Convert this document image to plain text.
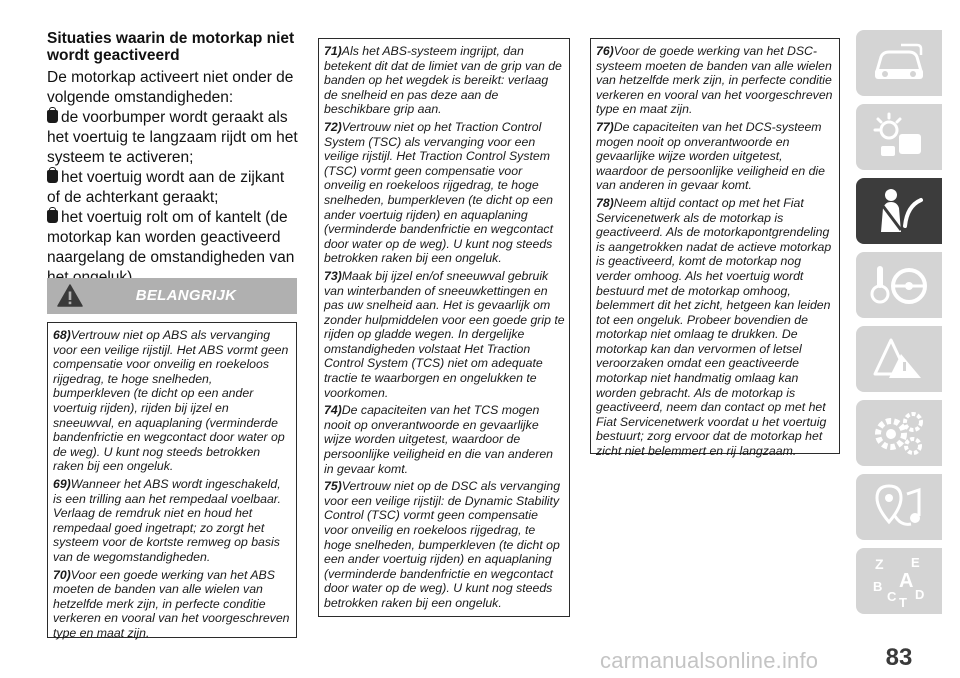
Situaties waarin de motorkap niet wordt geactiveerd

De motorkap activeert niet onder de volgende omstandigheden:

de voorbumper wordt geraakt als het voertuig te langzaam rijdt om het systeem te activeren;
het voertuig wordt aan de zijkant of de achterkant geraakt;
het voertuig rolt om of kantelt (de motorkap kan worden geactiveerd naargelang de omstandigheden van
BELANGRIJK

68)Vertrouw niet op ABS als vervanging voor een veilige rijstijl. Het ABS vormt geen compensatie voor onveilig en roekeloos rijgedrag, te hoge snelheden, bumperkleven (te dicht op een ander voertuig rijden), rijden bij ijzel en sneeuwval, en aquaplaning (verminderde bandenfrictie en wegcontact door water op de weg). U kunt nog steeds betrokken raken bij een ongeluk.

69)Wanneer het ABS wordt ingeschakeld, is een trilling aan het rempedaal voelbaar. Verlaag de remdruk niet en houd het rempedaal goed ingetrapt; zo zorgt het systeem voor de kortste remweg op basis van de wegomstandigheden.

70)Voor een goede werking van het ABS moeten de banden van alle wielen van hetzelfde merk zijn, in perfecte conditie verkeren en vooral van het voorgeschreven type en maat zijn.

71)Als het ABS-systeem ingrijpt, dan betekent dit dat de limiet van de grip van de banden op het wegdek is bereikt: verlaag de snelheid en pas deze aan de beschikbare grip aan.

72)Vertrouw niet op het Traction Control System (TSC) als vervanging voor een veilige rijstijl. Het Traction Control System (TSC) vormt geen compensatie voor onveilig en roekeloos rijgedrag, te hoge snelheden, bumperkleven (te dicht op een ander voertuig rijden) en aquaplaning (verminderde bandenfrictie en wegcontact door water op de weg). U kunt nog steeds betrokken raken bij een ongeluk.

73)Maak bij ijzel en/of sneeuwval gebruik van winterbanden of sneeuwkettingen en pas uw snelheid aan. Het is gevaarlijk om zonder hulpmiddelen voor een goede grip te rijden op gladde wegen. In dergelijke omstandigheden volstaat Het Traction Control System (TCS) niet om adequate tractie te waarborgen en ongelukken te voorkomen.

74)De capaciteiten van het TCS mogen nooit op onverantwoorde en gevaarlijke wijze worden uitgetest, waardoor de persoonlijke veiligheid en die van anderen in gevaar komt.

75)Vertrouw niet op de DSC als vervanging voor een veilige rijstijl: de Dynamic Stability Control (TSC) vormt geen compensatie voor onveilig en roekeloos rijgedrag, te hoge snelheden, bumperkleven (te dicht op een ander voertuig rijden) en aquaplaning (verminderde bandenfrictie en wegcontact door water op de weg). U kunt nog steeds betrokken raken bij een ongeluk.

76)Voor de goede werking van het DSC-systeem moeten de banden van alle wielen van hetzelfde merk zijn, in perfecte conditie verkeren en vooral van het voorgeschreven type en maat zijn.

77)De capaciteiten van het DCS-systeem mogen nooit op onverantwoorde en gevaarlijke wijze worden uitgetest, waardoor de persoonlijke veiligheid en die van anderen in gevaar komt.

78)Neem altijd contact op met het Fiat Servicenetwerk als de motorkap is geactiveerd. Als de motorkapontgrendeling is aangetrokken nadat de actieve motorkap is geactiveerd, komt de motorkap nog verder omhoog. Als het voertuig wordt bestuurd met de motorkap omhoog, belemmert dit het zicht, hetgeen kan leiden tot een ongeluk. Probeer bovendien de motorkap niet omlaag te drukken. De motorkap kan dan vervormen of letsel veroorzaken omdat een geactiveerde motorkap niet handmatig omlaag kan worden gebracht. Als de motorkap is geactiveerd, neem dan contact op met het Fiat Servicenetwerk voordat u het voertuig bestuurt; zorg ervoor dat de motorkap het zicht niet belemmert en rij langzaam.

Z E
B A
C T
D
carmanualsonline.info	83
